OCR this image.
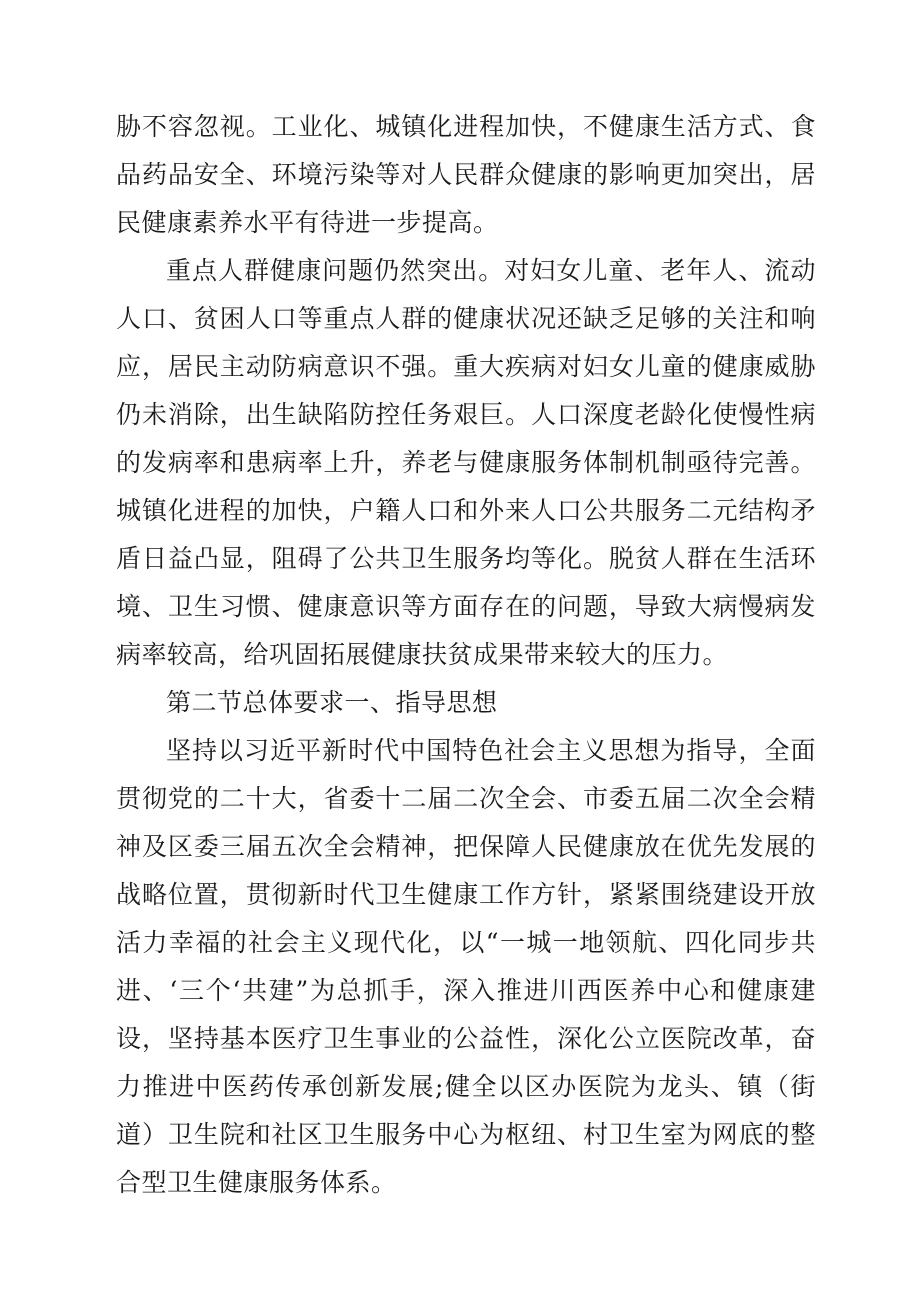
胁不容忽视。工业化、城镇化进程加快，不健康生活方式、食品药品安全、环境污染等对人民群众健康的影响更加突出，居民健康素养水平有待进一步提高。

重点人群健康问题仍然突出。对妇女儿童、老年人、流动人口、贫困人口等重点人群的健康状况还缺乏足够的关注和响应，居民主动防病意识不强。重大疾病对妇女儿童的健康威胁仍未消除，出生缺陷防控任务艰巨。人口深度老龄化使慢性病的发病率和患病率上升，养老与健康服务体制机制亟待完善。城镇化进程的加快，户籍人口和外来人口公共服务二元结构矛盾日益凸显，阻碍了公共卫生服务均等化。脱贫人群在生活环境、卫生习惯、健康意识等方面存在的问题，导致大病慢病发病率较高，给巩固拓展健康扶贫成果带来较大的压力。

第二节总体要求一、指导思想

坚持以习近平新时代中国特色社会主义思想为指导，全面贯彻党的二十大，省委十二届二次全会、市委五届二次全会精神及区委三届五次全会精神，把保障人民健康放在优先发展的战略位置，贯彻新时代卫生健康工作方针，紧紧围绕建设开放活力幸福的社会主义现代化，以“一城一地领航、四化同步共进、‘三个‘共建”为总抓手，深入推进川西医养中心和健康建设，坚持基本医疗卫生事业的公益性，深化公立医院改革，奋力推进中医药传承创新发展;健全以区办医院为龙头、镇（街道）卫生院和社区卫生服务中心为枢纽、村卫生室为网底的整合型卫生健康服务体系。
